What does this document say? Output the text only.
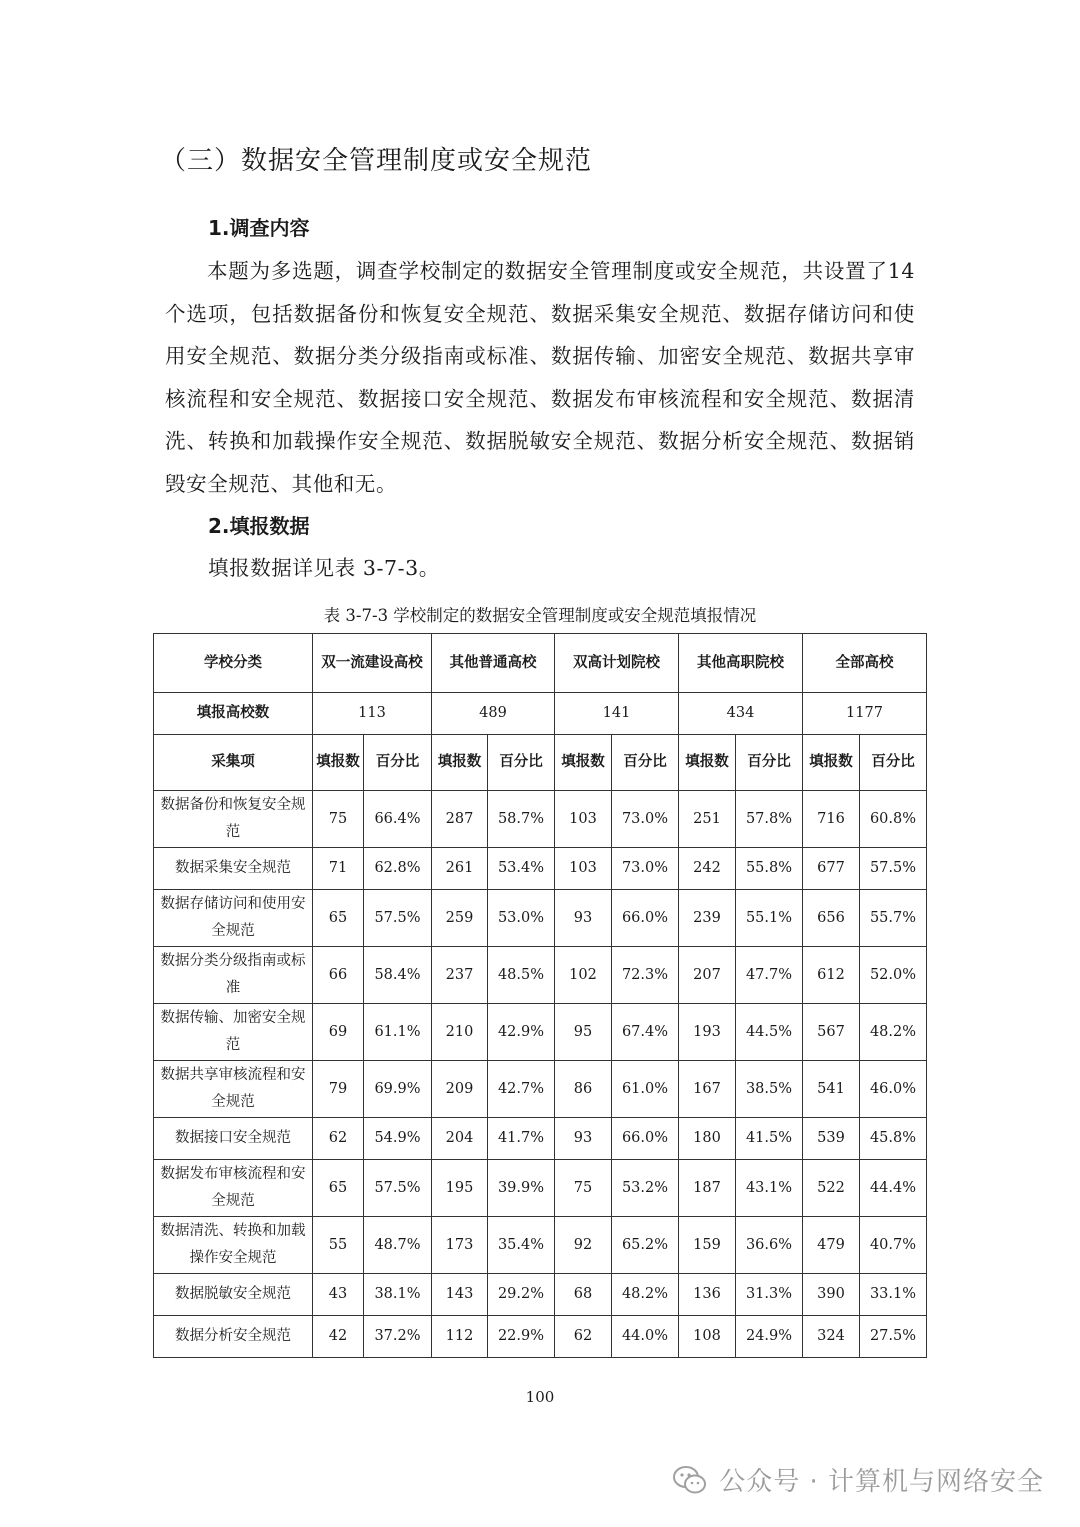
（三）数据安全管理制度或安全规范
1.调查内容
本题为多选题，调查学校制定的数据安全管理制度或安全规范，共设置了14个选项，包括数据备份和恢复安全规范、数据采集安全规范、数据存储访问和使用安全规范、数据分类分级指南或标准、数据传输、加密安全规范、数据共享审核流程和安全规范、数据接口安全规范、数据发布审核流程和安全规范、数据清洗、转换和加载操作安全规范、数据脱敏安全规范、数据分析安全规范、数据销毁安全规范、其他和无。
2.填报数据
填报数据详见表 3-7-3。
表 3-7-3 学校制定的数据安全管理制度或安全规范填报情况
学校分类	双一流建设高校		其他普通高校		双高计划院校		其他高职院校		全部高校	
填报高校数	113		489		141		434		1177	
采集项	填报数	百分比	填报数	百分比	填报数	百分比	填报数	百分比	填报数	百分比
数据备份和恢复安全规范	75	66.4%	287	58.7%	103	73.0%	251	57.8%	716	60.8%
数据采集安全规范	71	62.8%	261	53.4%	103	73.0%	242	55.8%	677	57.5%
数据存储访问和使用安全规范	65	57.5%	259	53.0%	93	66.0%	239	55.1%	656	55.7%
数据分类分级指南或标准	66	58.4%	237	48.5%	102	72.3%	207	47.7%	612	52.0%
数据传输、加密安全规范	69	61.1%	210	42.9%	95	67.4%	193	44.5%	567	48.2%
数据共享审核流程和安全规范	79	69.9%	209	42.7%	86	61.0%	167	38.5%	541	46.0%
数据接口安全规范	62	54.9%	204	41.7%	93	66.0%	180	41.5%	539	45.8%
数据发布审核流程和安全规范	65	57.5%	195	39.9%	75	53.2%	187	43.1%	522	44.4%
数据清洗、转换和加载操作安全规范	55	48.7%	173	35.4%	92	65.2%	159	36.6%	479	40.7%
数据脱敏安全规范	43	38.1%	143	29.2%	68	48.2%	136	31.3%	390	33.1%
数据分析安全规范	42	37.2%	112	22.9%	62	44.0%	108	24.9%	324	27.5%
100
公众号 · 计算机与网络安全
